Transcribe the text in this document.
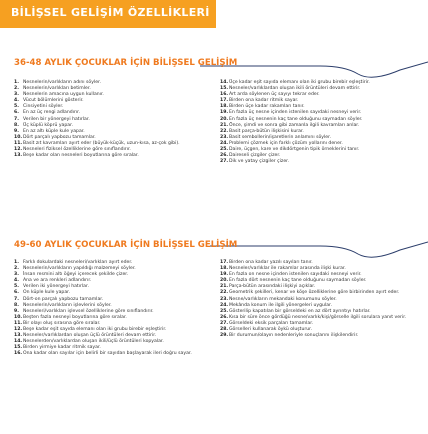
BİLİŞSEL GELİŞİM ÖZELLİKLERİ
36-48 AYLIK ÇOCUKLAR İÇİN BİLİŞSEL GELİŞİM
1. Nesnelerin/varlıkların adını söyler.
2. Nesnelerin/varlıkları betimler.
3. Nesnelerin amacına uygun kullanır.
4. Vücut bölümlerini gösterir.
5. Cinsiyetini söyler.
6. En az üç rengi adlandırır.
7. Verilen bir yönergeyi hatırlar.
8. Üç küplü köprü yapar.
9. En az altı küple kule yapar.
10. Dört parçalı yapbozu tamamlar.
11. Basit zıt kavramları ayırt eder (büyük-küçük, uzun-kısa, az-çok gibi).
12. Nesneleri fiziksel özelliklerine göre sınıflandırır.
13. Beşe kadar olan nesneleri boyutlarına göre sıralar.
14. Üçe kadar eşit sayıda elemanı olan iki grubu birebir eşleştirir.
15. Nesneler/varlıklardan oluşan ikili örüntüleri devam ettirir.
16. Art arda söylenen üç sayıyı tekrar eder.
17. Birden ona kadar ritmik sayar.
18. Birden üçe kadar rakamları tanır.
19. En fazla üç nesne içinden istenilen sayıdaki nesneyi verir.
20. En fazla üç nesnenin kaç tane olduğunu saymadan söyler.
21. Önce, şimdi ve sonra gibi zamanla ilgili kavramları anlar.
22. Basit parça-bütün ilişkisini kurar.
23. Basit sembollerin/işaretlerin anlamını söyler.
24. Problemi çözmek için farklı çözüm yollarını dener.
25. Daire, üçgen, kare ve dikdörtgenin tipik örneklerini tanır.
26. Daireseli çizgiler çizer.
27. Dik ve yatay çizgiler çizer.
49-60 AYLIK ÇOCUKLAR İÇİN BİLİŞSEL GELİŞİM
1. Farklı dokulardaki nesneleri/varlıkları ayırt eder.
2. Nesnelerin/varlıkların yapıldığı malzemeyi söyler.
3. İnsan resmini altı öğeyi içerecek şekilde çizer.
4. Ana ve ara renkleri adlandırır.
5. Verilen iki yönergeyi hatırlar.
6. On küple kule yapar.
7. Dört-on parçalı yapbozu tamamlar.
8. Nesnelerin/varlıkların işlevlerini söyler.
9. Nesneleri/varlıkları işlevsel özelliklerine göre sınıflandırır.
10. Beşten fazla nesneyi boyutlarına göre sıralar.
11. Bir olayı oluş sırasına göre sıralar.
12. Beşe kadar eşit sayıda elemanı olan iki grubu birebir eşleştirir.
13. Nesneler/varlıklardan oluşan üçlü örüntüleri devam ettirir.
14. Nesnelerden/varlıklardan oluşan ikili/üçlü örüntüleri kopyalar.
15. Birden yirmiye kadar ritmik sayar.
16. Ona kadar olan sayılar için belirli bir sayıdan başlayarak ileri doğru sayar.
17. Birden ona kadar yazılı sayıları tanır.
18. Nesneler/varlıklar ile rakamlar arasında ilişki kurar.
19. En fazla on nesne içinden istenilen sayıdaki nesneyi verir.
20. En fazla dört nesnenin kaç tane olduğunu saymadan söyler.
21. Parça-bütün arasındaki ilişkiyi açıklar.
22. Geometrik şekilleri, kenar ve köşe özelliklerine göre birbirinden ayırt eder.
23. Nesne/varlıkların mekandaki konumunu söyler.
24. Mekânda konum ile ilgili yönergeleri uygular.
25. Gösterilip kapatılan bir görseldeki en az dört ayrıntıyı hatırlar.
26. Kısa bir süre önce gördüğü nesne/varlık/kişi/görselle ilgili sorulara yanıt verir.
27. Görseldeki eksik parçaları tamamlar.
28. Görselleri kullanarak öykü oluşturur.
29. Bir durumun/olayın nedenleriyle sonuçlarını ilişkilendirir.
